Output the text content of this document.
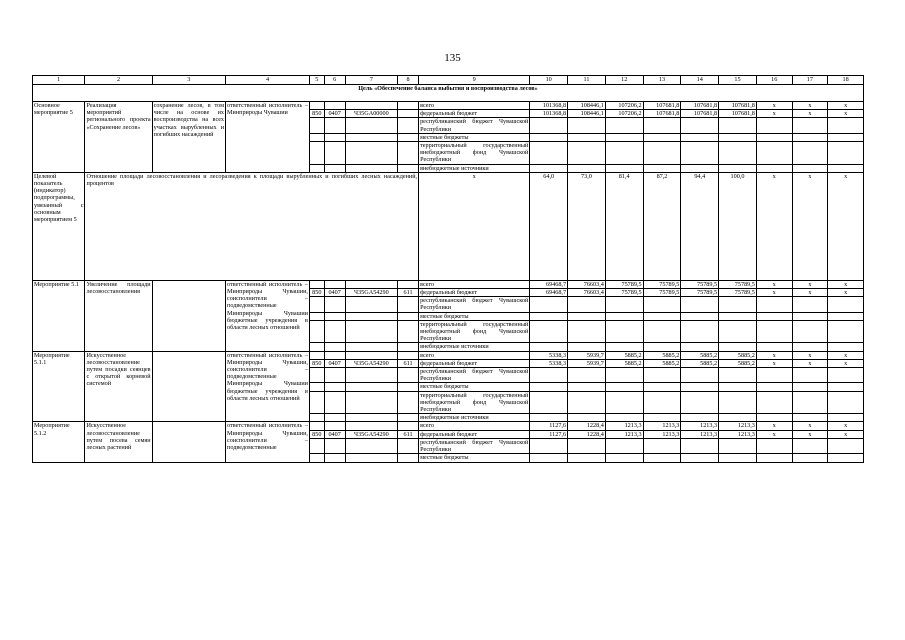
135
1	2	3	4	5	6	7	8	9	10	11	12	13	14	15	16	17	18
Цель «Обеспечение баланса выбытия и воспроизводства лесов»																	
Основное мероприятие 5	Реализация мероприятий регионального проекта «Сохранение лесов»	сохранение лесов, в том числе на основе их воспроизводства на всех участках вырубленных и погибших насаждений	ответственный исполнитель – Минприроды Чувашии					всего	101368,8	108446,1	107206,2	107681,8	107681,8	107681,8	x	x	x
				850	0407	Ч35GA00000		федеральный бюджет	101368,8	108446,1	107206,2	107681,8	107681,8	107681,8	x	x	x
								республиканский бюджет Чувашской Республики									
								местные бюджеты									
								территориальный государственный внебюджетный фонд Чувашской Республики									
								внебюджетные источники									
Целевой показатель (индикатор) подпрограммы, увязанный с основным мероприятием 5	Отношение площади лесовосстановления и лесоразведения к площади вырубленных и погибших лесных насаждений, процентов							x	64,0	73,0	81,4	87,2	94,4	100,0	x	x	x
Мероприятие 5.1	Увеличение площади лесовосстановления		ответственный исполнитель – Минприроды Чувашии, соисполнители – подведомственные Минприроды Чувашии бюджетные учреждения в области лесных отношений					всего	69468,7	76603,4	75789,5	75789,5	75789,5	75789,5	x	x	x
				850	0407	Ч35GA54290	611	федеральный бюджет	69468,7	76603,4	75789,5	75789,5	75789,5	75789,5	x	x	x
								республиканский бюджет Чувашской Республики									
								местные бюджеты									
								территориальный государственный внебюджетный фонд Чувашской Республики									
								внебюджетные источники									
Мероприятие 5.1.1	Искусственное лесовосстановление путем посадки сеянцев с открытой корневой системой		ответственный исполнитель – Минприроды Чувашии, соисполнители – подведомственные Минприроды Чувашии бюджетные учреждения в области лесных отношений					всего	5338,3	5939,7	5885,2	5885,2	5885,2	5885,2	x	x	x
				850	0407	Ч35GA54290	611	федеральный бюджет	5338,3	5939,7	5885,2	5885,2	5885,2	5885,2	x	x	x
								республиканский бюджет Чувашской Республики									
								местные бюджеты									
								территориальный государственный внебюджетный фонд Чувашской Республики									
								внебюджетные источники									
Мероприятие 5.1.2	Искусственное лесовосстановление путем посева семян лесных растений		ответственный исполнитель – Минприроды Чувашии, соисполнители – подведомственные					всего	1127,6	1228,4	1213,3	1213,3	1213,3	1213,3	x	x	x
				850	0407	Ч35GA54290	611	федеральный бюджет	1127,6	1228,4	1213,3	1213,3	1213,3	1213,3	x	x	x
								республиканский бюджет Чувашской Республики									
								местные бюджеты									
